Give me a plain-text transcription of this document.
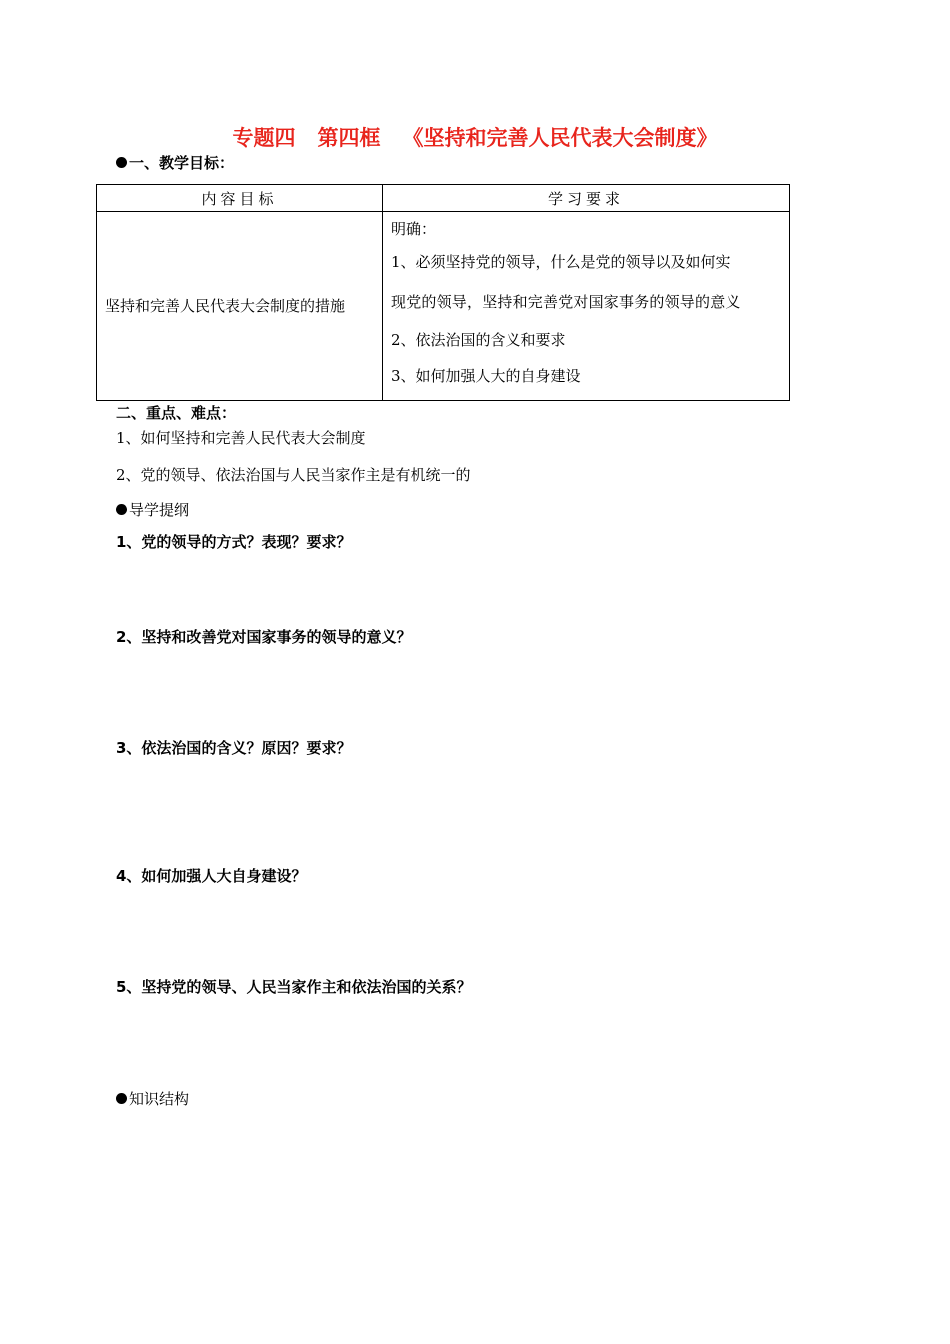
专题四 第四框 《坚持和完善人民代表大会制度》
一、教学目标：
内容目标	学习要求
坚持和完善人民代表大会制度的措施	明确：
1、必须坚持党的领导，什么是党的领导以及如何实
现党的领导，坚持和完善党对国家事务的领导的意义
2、依法治国的含义和要求
3、如何加强人大的自身建设
二、重点、难点：
1、如何坚持和完善人民代表大会制度
2、党的领导、依法治国与人民当家作主是有机统一的
导学提纲
1、党的领导的方式？表现？要求？
2、坚持和改善党对国家事务的领导的意义？
3、依法治国的含义？原因？要求？
4、如何加强人大自身建设？
5、坚持党的领导、人民当家作主和依法治国的关系？
知识结构
